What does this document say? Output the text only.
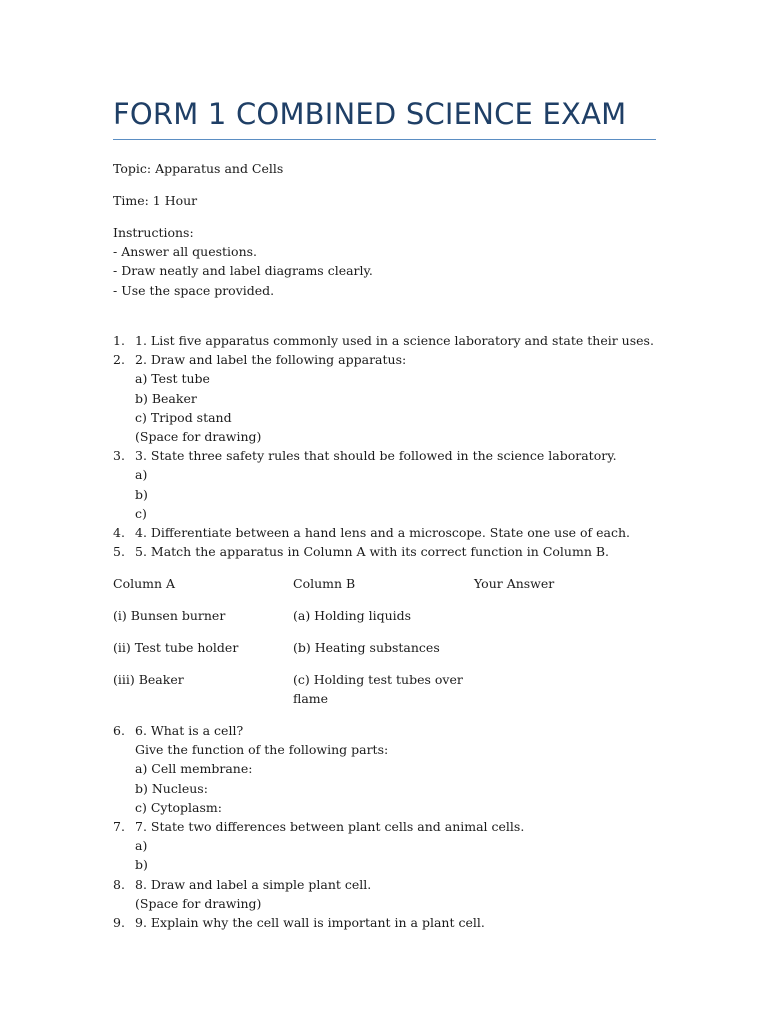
FORM 1 COMBINED SCIENCE EXAM
Topic: Apparatus and Cells
Time: 1 Hour
Instructions:
- Answer all questions.
- Draw neatly and label diagrams clearly.
- Use the space provided.
1. 1. List five apparatus commonly used in a science laboratory and state their uses.
2. 2. Draw and label the following apparatus:
a) Test tube
b) Beaker
c) Tripod stand
(Space for drawing)
3. 3. State three safety rules that should be followed in the science laboratory.
a)
b)
c)
4. 4. Differentiate between a hand lens and a microscope. State one use of each.
5. 5. Match the apparatus in Column A with its correct function in Column B.
Column A	Column B	Your Answer
(i) Bunsen burner	(a) Holding liquids
(ii) Test tube holder	(b) Heating substances
(iii) Beaker	(c) Holding test tubes over flame
6. 6. What is a cell?
Give the function of the following parts:
a) Cell membrane:
b) Nucleus:
c) Cytoplasm:
7. 7. State two differences between plant cells and animal cells.
a)
b)
8. 8. Draw and label a simple plant cell.
(Space for drawing)
9. 9. Explain why the cell wall is important in a plant cell.
